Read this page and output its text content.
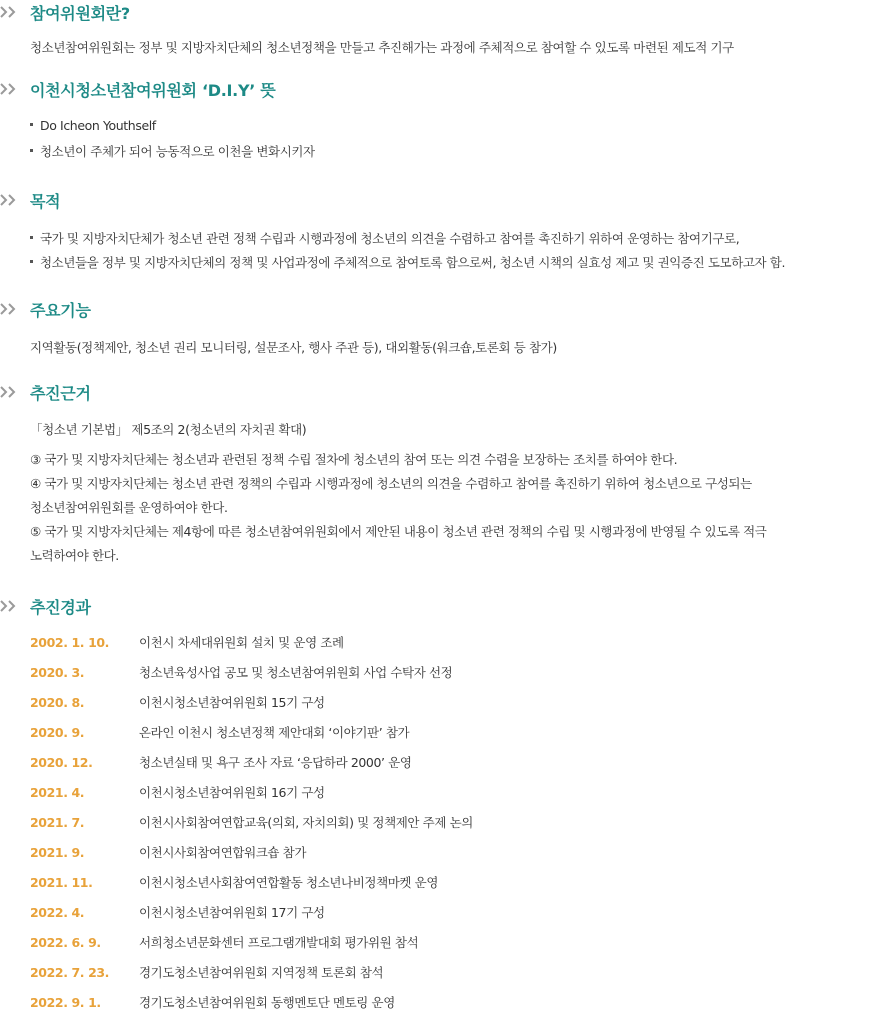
참여위원회란?
청소년참여위원회는 정부 및 지방자치단체의 청소년정책을 만들고 추진해가는 과정에 주체적으로 참여할 수 있도록 마련된 제도적 기구
이천시청소년참여위원회 ‘D.I.Y’ 뜻
Do Icheon Youthself
청소년이 주체가 되어 능동적으로 이천을 변화시키자
목적
국가 및 지방자치단체가 청소년 관련 정책 수립과 시행과정에 청소년의 의견을 수렴하고 참여를 촉진하기 위하여 운영하는 참여기구로,
청소년들을 정부 및 지방자치단체의 정책 및 사업과정에 주체적으로 참여토록 함으로써, 청소년 시책의 실효성 제고 및 권익증진 도모하고자 함.
주요기능
지역활동(정책제안, 청소년 권리 모니터링, 설문조사, 행사 주관 등), 대외활동(워크숍,토론회 등 참가)
추진근거
「청소년 기본법」 제5조의 2(청소년의 자치권 확대)
③ 국가 및 지방자치단체는 청소년과 관련된 정책 수립 절차에 청소년의 참여 또는 의견 수렴을 보장하는 조치를 하여야 한다.
④ 국가 및 지방자치단체는 청소년 관련 정책의 수립과 시행과정에 청소년의 의견을 수렴하고 참여를 촉진하기 위하여 청소년으로 구성되는
청소년참여위원회를 운영하여야 한다.
⑤ 국가 및 지방자치단체는 제4항에 따른 청소년참여위원회에서 제안된 내용이 청소년 관련 정책의 수립 및 시행과정에 반영될 수 있도록 적극
노력하여야 한다.
추진경과
2002. 1. 10.	이천시 차세대위원회 설치 및 운영 조례
2020. 3.	청소년육성사업 공모 및 청소년참여위원회 사업 수탁자 선정
2020. 8.	이천시청소년참여위원회 15기 구성
2020. 9.	온라인 이천시 청소년정책 제안대회 ‘이야기판’ 참가
2020. 12.	청소년실태 및 욕구 조사 자료 ‘응답하라 2000’ 운영
2021. 4.	이천시청소년참여위원회 16기 구성
2021. 7.	이천시사회참여연합교육(의회, 자치의회) 및 정책제안 주제 논의
2021. 9.	이천시사회참여연합워크숍 참가
2021. 11.	이천시청소년사회참여연합활동 청소년나비정책마켓 운영
2022. 4.	이천시청소년참여위원회 17기 구성
2022. 6. 9.	서희청소년문화센터 프로그램개발대회 평가위원 참석
2022. 7. 23.	경기도청소년참여위원회 지역정책 토론회 참석
2022. 9. 1.	경기도청소년참여위원회 동행멘토단 멘토링 운영
